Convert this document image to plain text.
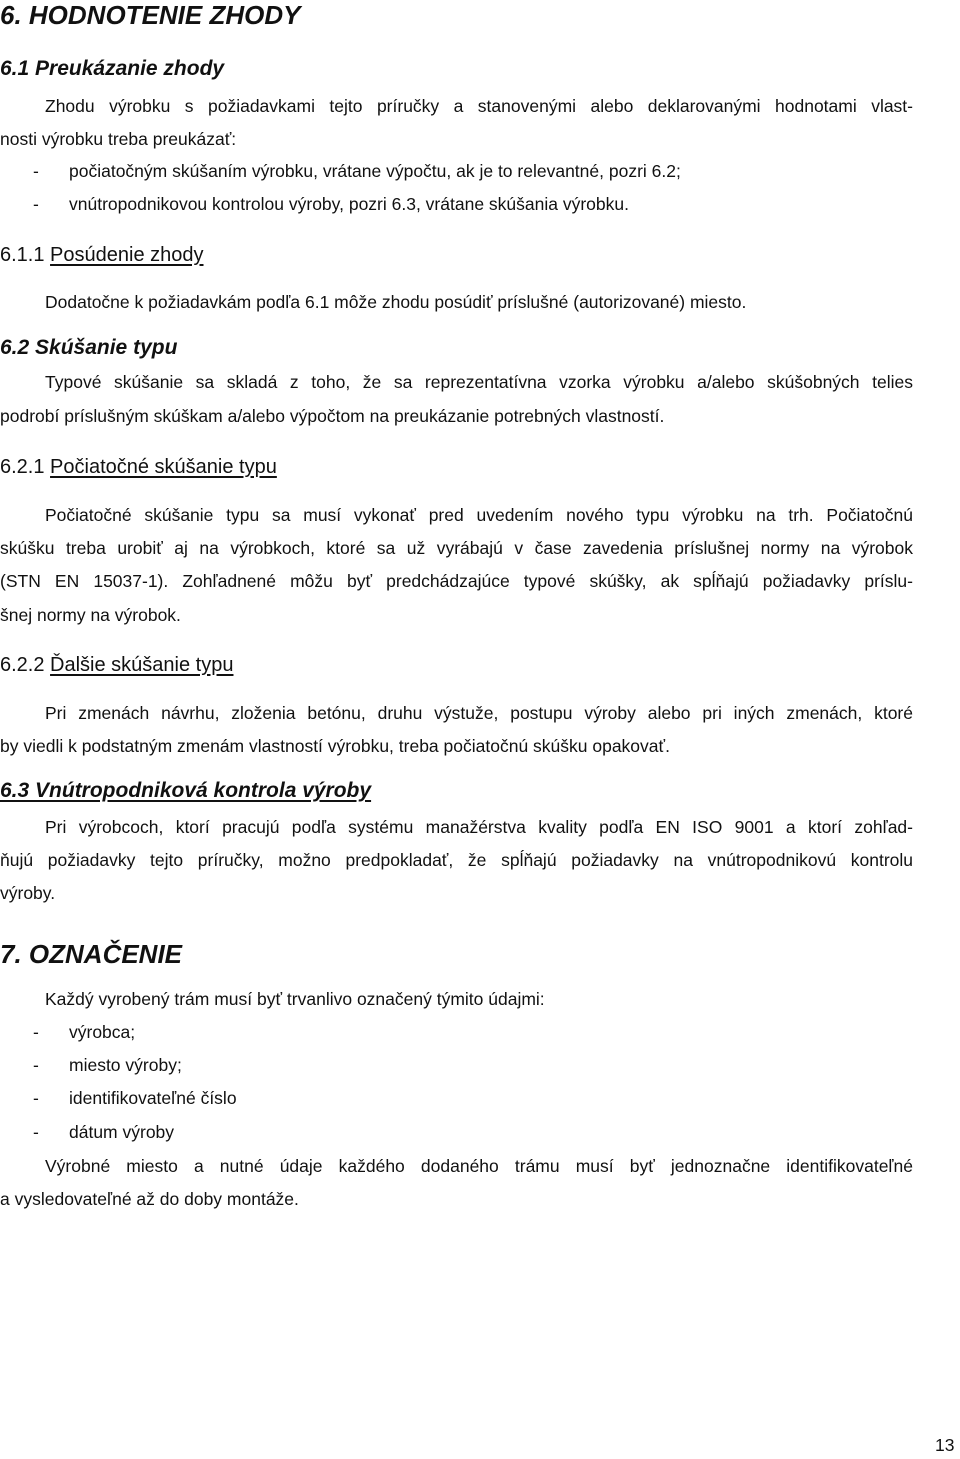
6. HODNOTENIE ZHODY
6.1 Preukázanie zhody
Zhodu výrobku s požiadavkami tejto príručky a stanovenými alebo deklarovanými hodnotami vlast-
nosti výrobku treba preukázať:
- počiatočným skúšaním výrobku, vrátane výpočtu, ak je to relevantné, pozri 6.2;
- vnútropodnikovou kontrolou výroby, pozri 6.3, vrátane skúšania výrobku.
6.1.1 Posúdenie zhody
Dodatočne k požiadavkám podľa 6.1 môže zhodu posúdiť príslušné (autorizované) miesto.
6.2 Skúšanie typu
Typové skúšanie sa skladá z toho, že sa reprezentatívna vzorka výrobku a/alebo skúšobných telies
podrobí príslušným skúškam a/alebo výpočtom na preukázanie potrebných vlastností.
6.2.1 Počiatočné skúšanie typu
Počiatočné skúšanie typu sa musí vykonať pred uvedením nového typu výrobku na trh. Počiatočnú
skúšku treba urobiť aj na výrobkoch, ktoré sa už vyrábajú v čase zavedenia príslušnej normy na výrobok
(STN EN 15037-1). Zohľadnené môžu byť predchádzajúce typové skúšky, ak spĺňajú požiadavky príslu-
šnej normy na výrobok.
6.2.2 Ďalšie skúšanie typu
Pri zmenách návrhu, zloženia betónu, druhu výstuže, postupu výroby alebo pri iných zmenách, ktoré
by viedli k podstatným zmenám vlastností výrobku, treba počiatočnú skúšku opakovať.
6.3 Vnútropodniková kontrola výroby
Pri výrobcoch, ktorí pracujú podľa systému manažérstva kvality podľa EN ISO 9001 a ktorí zohľad-
ňujú požiadavky tejto príručky, možno predpokladať, že spĺňajú požiadavky na vnútropodnikovú kontrolu
výroby.
7. OZNAČENIE
Každý vyrobený trám musí byť trvanlivo označený týmito údajmi:
- výrobca;
- miesto výroby;
- identifikovateľné číslo
- dátum výroby
Výrobné miesto a nutné údaje každého dodaného trámu musí byť jednoznačne identifikovateľné
a vysledovateľné až do doby montáže.
13
